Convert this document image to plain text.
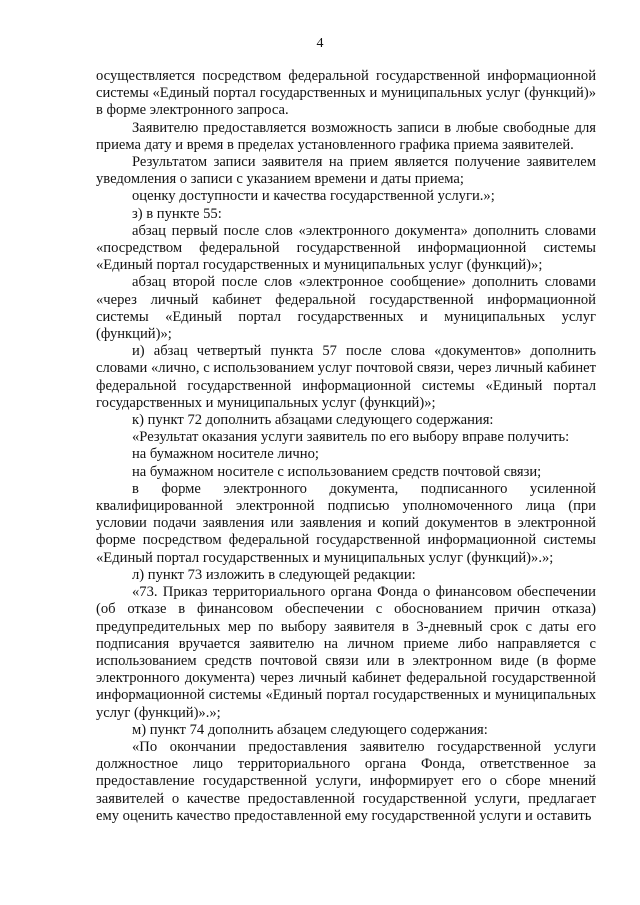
4

осуществляется посредством федеральной государственной информационной системы «Единый портал государственных и муниципальных услуг (функций)» в форме электронного запроса.

Заявителю предоставляется возможность записи в любые свободные для приема дату и время в пределах установленного графика приема заявителей.

Результатом записи заявителя на прием является получение заявителем уведомления о записи с указанием времени и даты приема;

оценку доступности и качества государственной услуги.»;

з) в пункте 55:

абзац первый после слов «электронного документа» дополнить словами «посредством федеральной государственной информационной системы «Единый портал государственных и муниципальных услуг (функций)»;

абзац второй после слов «электронное сообщение» дополнить словами «через личный кабинет федеральной государственной информационной системы «Единый портал государственных и муниципальных услуг (функций)»;

и) абзац четвертый пункта 57 после слова «документов» дополнить словами «лично, с использованием услуг почтовой связи, через личный кабинет федеральной государственной информационной системы «Единый портал государственных и муниципальных услуг (функций)»;

к) пункт 72 дополнить абзацами следующего содержания:

«Результат оказания услуги заявитель по его выбору вправе получить:

на бумажном носителе лично;

на бумажном носителе с использованием средств почтовой связи;

в форме электронного документа, подписанного усиленной квалифицированной электронной подписью уполномоченного лица (при условии подачи заявления или заявления и копий документов в электронной форме посредством федеральной государственной информационной системы «Единый портал государственных и муниципальных услуг (функций)».»;

л) пункт 73 изложить в следующей редакции:

«73. Приказ территориального органа Фонда о финансовом обеспечении (об отказе в финансовом обеспечении с обоснованием причин отказа) предупредительных мер по выбору заявителя в 3-дневный срок с даты его подписания вручается заявителю на личном приеме либо направляется с использованием средств почтовой связи или в электронном виде (в форме электронного документа) через личный кабинет федеральной государственной информационной системы «Единый портал государственных и муниципальных услуг (функций)».»;

м) пункт 74 дополнить абзацем следующего содержания:

«По окончании предоставления заявителю государственной услуги должностное лицо территориального органа Фонда, ответственное за предоставление государственной услуги, информирует его о сборе мнений заявителей о качестве предоставленной государственной услуги, предлагает ему оценить качество предоставленной ему государственной услуги и оставить
